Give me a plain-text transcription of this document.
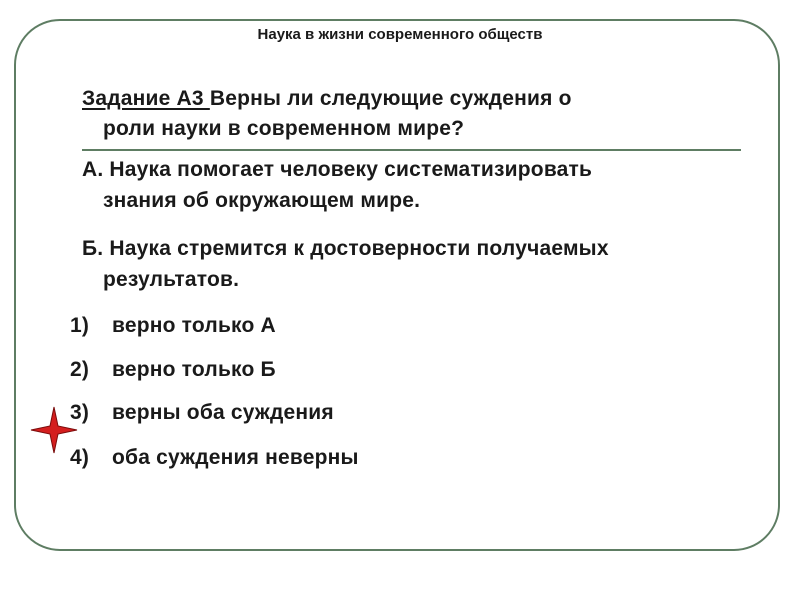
Наука в жизни современного обществ
Задание А3 Верны ли следующие суждения о
роли науки в современном мире?
А. Наука помогает человеку систематизировать
знания об окружающем мире.
Б. Наука стремится к достоверности получаемых
результатов.
1) верно только А
2) верно только Б
3) верны оба суждения
4) оба суждения неверны
